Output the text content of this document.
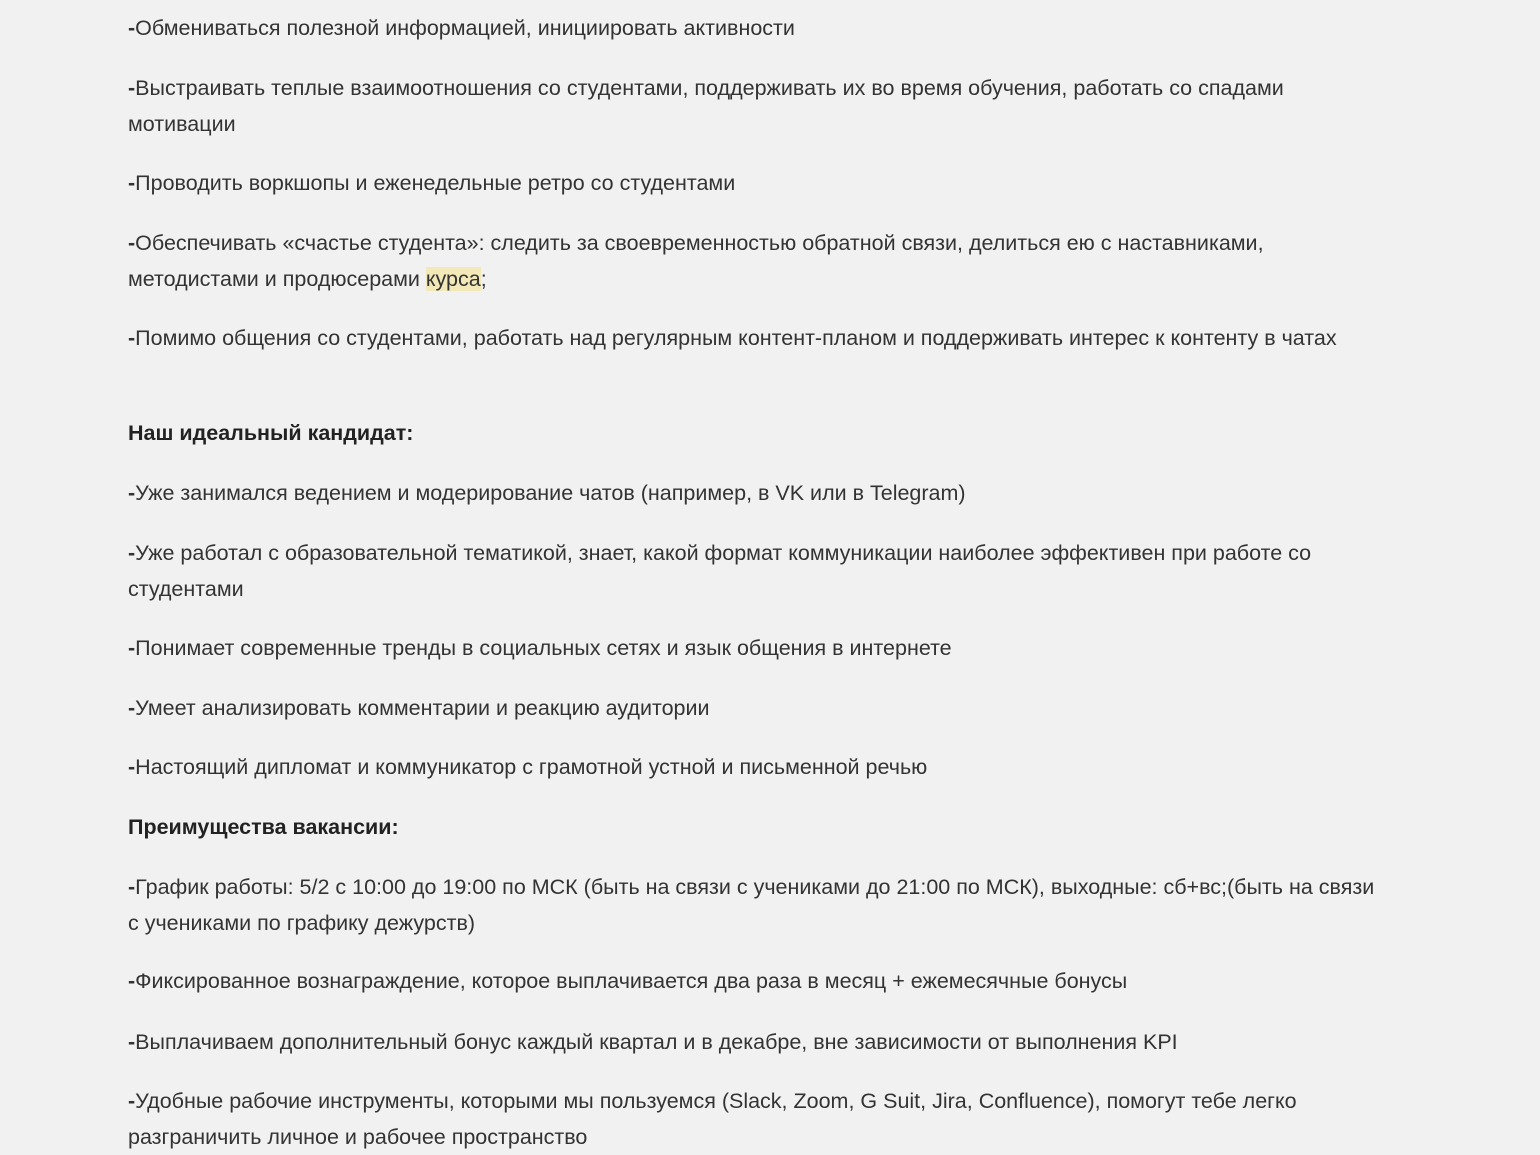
-Обмениваться полезной информацией, инициировать активности

-Выстраивать теплые взаимоотношения со студентами, поддерживать их во время обучения, работать со спадами мотивации

-Проводить воркшопы и еженедельные ретро со студентами

-Обеспечивать «счастье студента»: следить за своевременностью обратной связи, делиться ею с наставниками, методистами и продюсерами курса;

-Помимо общения со студентами, работать над регулярным контент-планом и поддерживать интерес к контенту в чатах

Наш идеальный кандидат:

-Уже занимался ведением и модерирование чатов (например, в VK или в Telegram)

-Уже работал с образовательной тематикой, знает, какой формат коммуникации наиболее эффективен при работе со студентами

-Понимает современные тренды в социальных сетях и язык общения в интернете

-Умеет анализировать комментарии и реакцию аудитории

-Настоящий дипломат и коммуникатор с грамотной устной и письменной речью

Преимущества вакансии:

-График работы: 5/2 с 10:00 до 19:00 по МСК (быть на связи с учениками до 21:00 по МСК), выходные: сб+вс;(быть на связи с учениками по графику дежурств)

-Фиксированное вознаграждение, которое выплачивается два раза в месяц + ежемесячные бонусы

-Выплачиваем дополнительный бонус каждый квартал и в декабре, вне зависимости от выполнения KPI

-Удобные рабочие инструменты, которыми мы пользуемся (Slack, Zoom, G Suit, Jira, Confluence), помогут тебе легко разграничить личное и рабочее пространство
